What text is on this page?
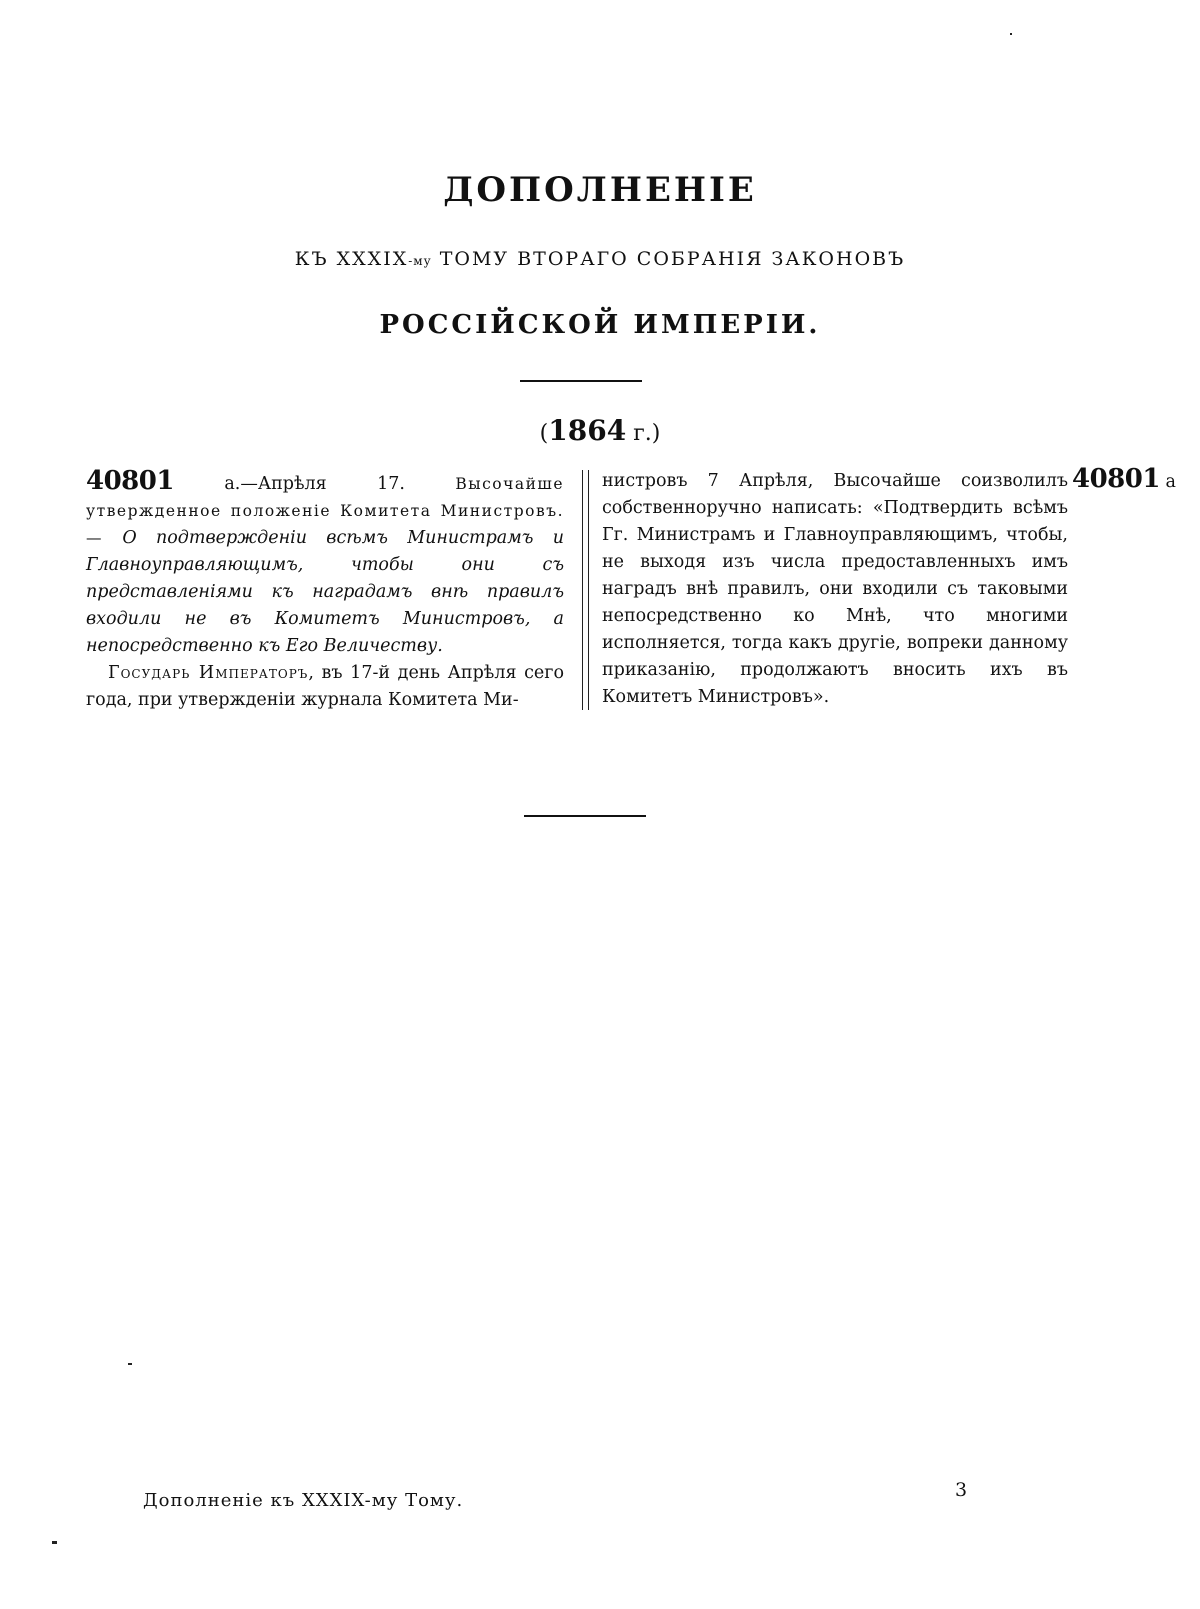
ДОПОЛНЕНІЕ
КЪ XXXIX-му ТОМУ ВТОРАГО СОБРАНІЯ ЗАКОНОВЪ
РОССІЙСКОЙ ИМПЕРІИ.
(1864 г.)

40801 а.—Апрѣля 17. Высочайше утвержденное положеніе Комитета Министровъ.— О подтвержденіи всѣмъ Министрамъ и Главноуправляющимъ, чтобы они съ представленіями къ наградамъ внѣ правилъ входили не въ Комитетъ Министровъ, а непосредственно къ Его Величеству.

Государь Императоръ, въ 17-й день Апрѣля сего года, при утвержденіи журнала Комитета Ми-

нистровъ 7 Апрѣля, Высочайше соизволилъ собственноручно написать: «Подтвердить всѣмъ Гг. Министрамъ и Главноуправляющимъ, чтобы, не выходя изъ числа предоставленныхъ имъ наградъ внѣ правилъ, они входили съ таковыми непосредственно ко Мнѣ, что многими исполняется, тогда какъ другіе, вопреки данному приказанію, продолжаютъ вносить ихъ въ Комитетъ Министровъ».

40801 а
Дополненіе къ XXXIX-му Тому.	3
